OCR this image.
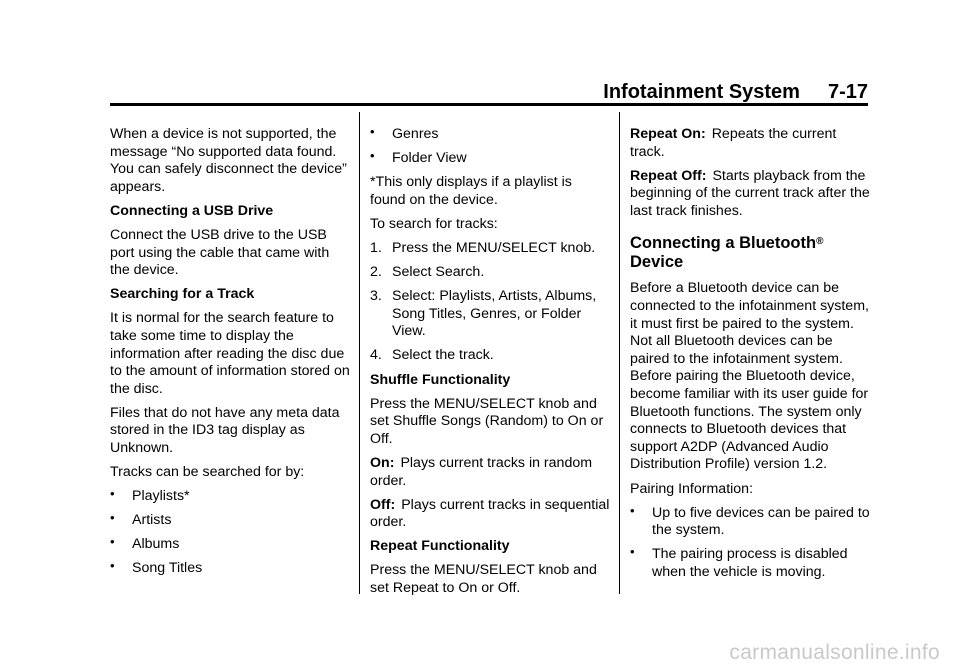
Infotainment System 7-17

When a device is not supported, the message “No supported data found. You can safely disconnect the device” appears.

Connecting a USB Drive

Connect the USB drive to the USB port using the cable that came with the device.

Searching for a Track

It is normal for the search feature to take some time to display the information after reading the disc due to the amount of information stored on the disc.

Files that do not have any meta data stored in the ID3 tag display as Unknown.

Tracks can be searched for by:

• Playlists*
• Artists
• Albums
• Song Titles
• Genres
• Folder View

*This only displays if a playlist is found on the device.

To search for tracks:

1. Press the MENU/SELECT knob.
2. Select Search.
3. Select: Playlists, Artists, Albums, Song Titles, Genres, or Folder View.
4. Select the track.

Shuffle Functionality

Press the MENU/SELECT knob and set Shuffle Songs (Random) to On or Off.

On: Plays current tracks in random order.

Off: Plays current tracks in sequential order.

Repeat Functionality

Press the MENU/SELECT knob and set Repeat to On or Off.

Repeat On: Repeats the current track.

Repeat Off: Starts playback from the beginning of the current track after the last track finishes.

Connecting a Bluetooth®
Device

Before a Bluetooth device can be connected to the infotainment system, it must first be paired to the system. Not all Bluetooth devices can be paired to the infotainment system. Before pairing the Bluetooth device, become familiar with its user guide for Bluetooth functions. The system only connects to Bluetooth devices that support A2DP (Advanced Audio Distribution Profile) version 1.2.

Pairing Information:

• Up to five devices can be paired to the system.
• The pairing process is disabled when the vehicle is moving.
carmanualsonline.info
